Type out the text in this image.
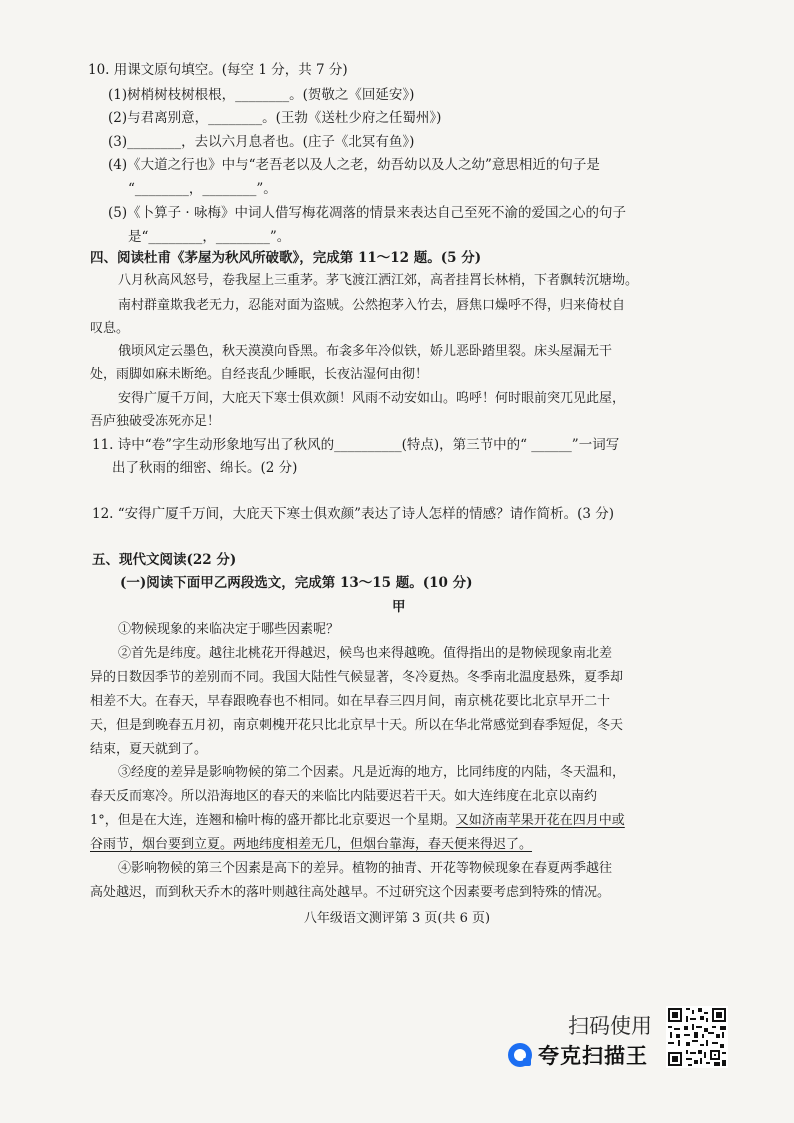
10. 用课文原句填空。(每空 1 分，共 7 分)
(1)树梢树枝树根根，________。(贺敬之《回延安》)
(2)与君离别意，________。(王勃《送杜少府之任蜀州》)
(3)________，去以六月息者也。(庄子《北冥有鱼》)
(4)《大道之行也》中与“老吾老以及人之老，幼吾幼以及人之幼”意思相近的句子是
“________，________”。
(5)《卜算子 · 咏梅》中词人借写梅花凋落的情景来表达自己至死不渝的爱国之心的句子
是“________，________”。
四、阅读杜甫《茅屋为秋风所破歌》，完成第 11～12 题。(5 分)
八月秋高风怒号，卷我屋上三重茅。茅飞渡江洒江郊，高者挂罥长林梢，下者飘转沉塘坳。
南村群童欺我老无力，忍能对面为盗贼。公然抱茅入竹去，唇焦口燥呼不得，归来倚杖自
叹息。
俄顷风定云墨色，秋天漠漠向昏黑。布衾多年冷似铁，娇儿恶卧踏里裂。床头屋漏无干
处，雨脚如麻未断绝。自经丧乱少睡眠，长夜沾湿何由彻！
安得广厦千万间，大庇天下寒士俱欢颜！风雨不动安如山。呜呼！何时眼前突兀见此屋，
吾庐独破受冻死亦足！
11. 诗中“卷”字生动形象地写出了秋风的__________(特点)，第三节中的“ ______”一词写
出了秋雨的细密、绵长。(2 分)
12. “安得广厦千万间，大庇天下寒士俱欢颜”表达了诗人怎样的情感？请作简析。(3 分)
五、现代文阅读(22 分)
(一)阅读下面甲乙两段选文，完成第 13～15 题。(10 分)
甲
①物候现象的来临决定于哪些因素呢？
②首先是纬度。越往北桃花开得越迟，候鸟也来得越晚。值得指出的是物候现象南北差
异的日数因季节的差别而不同。我国大陆性气候显著，冬冷夏热。冬季南北温度悬殊，夏季却
相差不大。在春天，早春跟晚春也不相同。如在早春三四月间，南京桃花要比北京早开二十
天，但是到晚春五月初，南京刺槐开花只比北京早十天。所以在华北常感觉到春季短促，冬天
结束，夏天就到了。
③经度的差异是影响物候的第二个因素。凡是近海的地方，比同纬度的内陆，冬天温和，
春天反而寒冷。所以沿海地区的春天的来临比内陆要迟若干天。如大连纬度在北京以南约
1°，但是在大连，连翘和榆叶梅的盛开都比北京要迟一个星期。又如济南苹果开花在四月中或
谷雨节，烟台要到立夏。两地纬度相差无几，但烟台靠海，春天便来得迟了。
④影响物候的第三个因素是高下的差异。植物的抽青、开花等物候现象在春夏两季越往
高处越迟，而到秋天乔木的落叶则越往高处越早。不过研究这个因素要考虑到特殊的情况。
八年级语文测评第 3 页(共 6 页)
扫码使用
夸克扫描王
